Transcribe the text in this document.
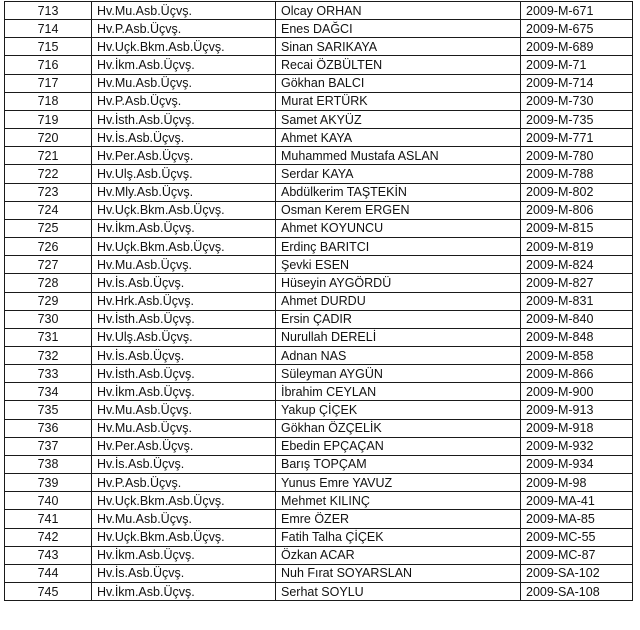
713	Hv.Mu.Asb.Üçvş.	Olcay ORHAN	2009-M-671
714	Hv.P.Asb.Üçvş.	Enes DAĞCI	2009-M-675
715	Hv.Uçk.Bkm.Asb.Üçvş.	Sinan SARIKAYA	2009-M-689
716	Hv.İkm.Asb.Üçvş.	Recai ÖZBÜLTEN	2009-M-71
717	Hv.Mu.Asb.Üçvş.	Gökhan BALCI	2009-M-714
718	Hv.P.Asb.Üçvş.	Murat ERTÜRK	2009-M-730
719	Hv.İsth.Asb.Üçvş.	Samet AKYÜZ	2009-M-735
720	Hv.İs.Asb.Üçvş.	Ahmet KAYA	2009-M-771
721	Hv.Per.Asb.Üçvş.	Muhammed Mustafa ASLAN	2009-M-780
722	Hv.Ulş.Asb.Üçvş.	Serdar KAYA	2009-M-788
723	Hv.Mly.Asb.Üçvş.	Abdülkerim TAŞTEKİN	2009-M-802
724	Hv.Uçk.Bkm.Asb.Üçvş.	Osman Kerem ERGEN	2009-M-806
725	Hv.İkm.Asb.Üçvş.	Ahmet KOYUNCU	2009-M-815
726	Hv.Uçk.Bkm.Asb.Üçvş.	Erdinç BARITCI	2009-M-819
727	Hv.Mu.Asb.Üçvş.	Şevki ESEN	2009-M-824
728	Hv.İs.Asb.Üçvş.	Hüseyin AYGÖRDÜ	2009-M-827
729	Hv.Hrk.Asb.Üçvş.	Ahmet DURDU	2009-M-831
730	Hv.İsth.Asb.Üçvş.	Ersin ÇADIR	2009-M-840
731	Hv.Ulş.Asb.Üçvş.	Nurullah DERELİ	2009-M-848
732	Hv.İs.Asb.Üçvş.	Adnan NAS	2009-M-858
733	Hv.İsth.Asb.Üçvş.	Süleyman AYGÜN	2009-M-866
734	Hv.İkm.Asb.Üçvş.	İbrahim CEYLAN	2009-M-900
735	Hv.Mu.Asb.Üçvş.	Yakup ÇİÇEK	2009-M-913
736	Hv.Mu.Asb.Üçvş.	Gökhan ÖZÇELİK	2009-M-918
737	Hv.Per.Asb.Üçvş.	Ebedin EPÇAÇAN	2009-M-932
738	Hv.İs.Asb.Üçvş.	Barış TOPÇAM	2009-M-934
739	Hv.P.Asb.Üçvş.	Yunus Emre YAVUZ	2009-M-98
740	Hv.Uçk.Bkm.Asb.Üçvş.	Mehmet KILINÇ	2009-MA-41
741	Hv.Mu.Asb.Üçvş.	Emre ÖZER	2009-MA-85
742	Hv.Uçk.Bkm.Asb.Üçvş.	Fatih Talha ÇİÇEK	2009-MC-55
743	Hv.İkm.Asb.Üçvş.	Özkan ACAR	2009-MC-87
744	Hv.İs.Asb.Üçvş.	Nuh Fırat SOYARSLAN	2009-SA-102
745	Hv.İkm.Asb.Üçvş.	Serhat SOYLU	2009-SA-108
